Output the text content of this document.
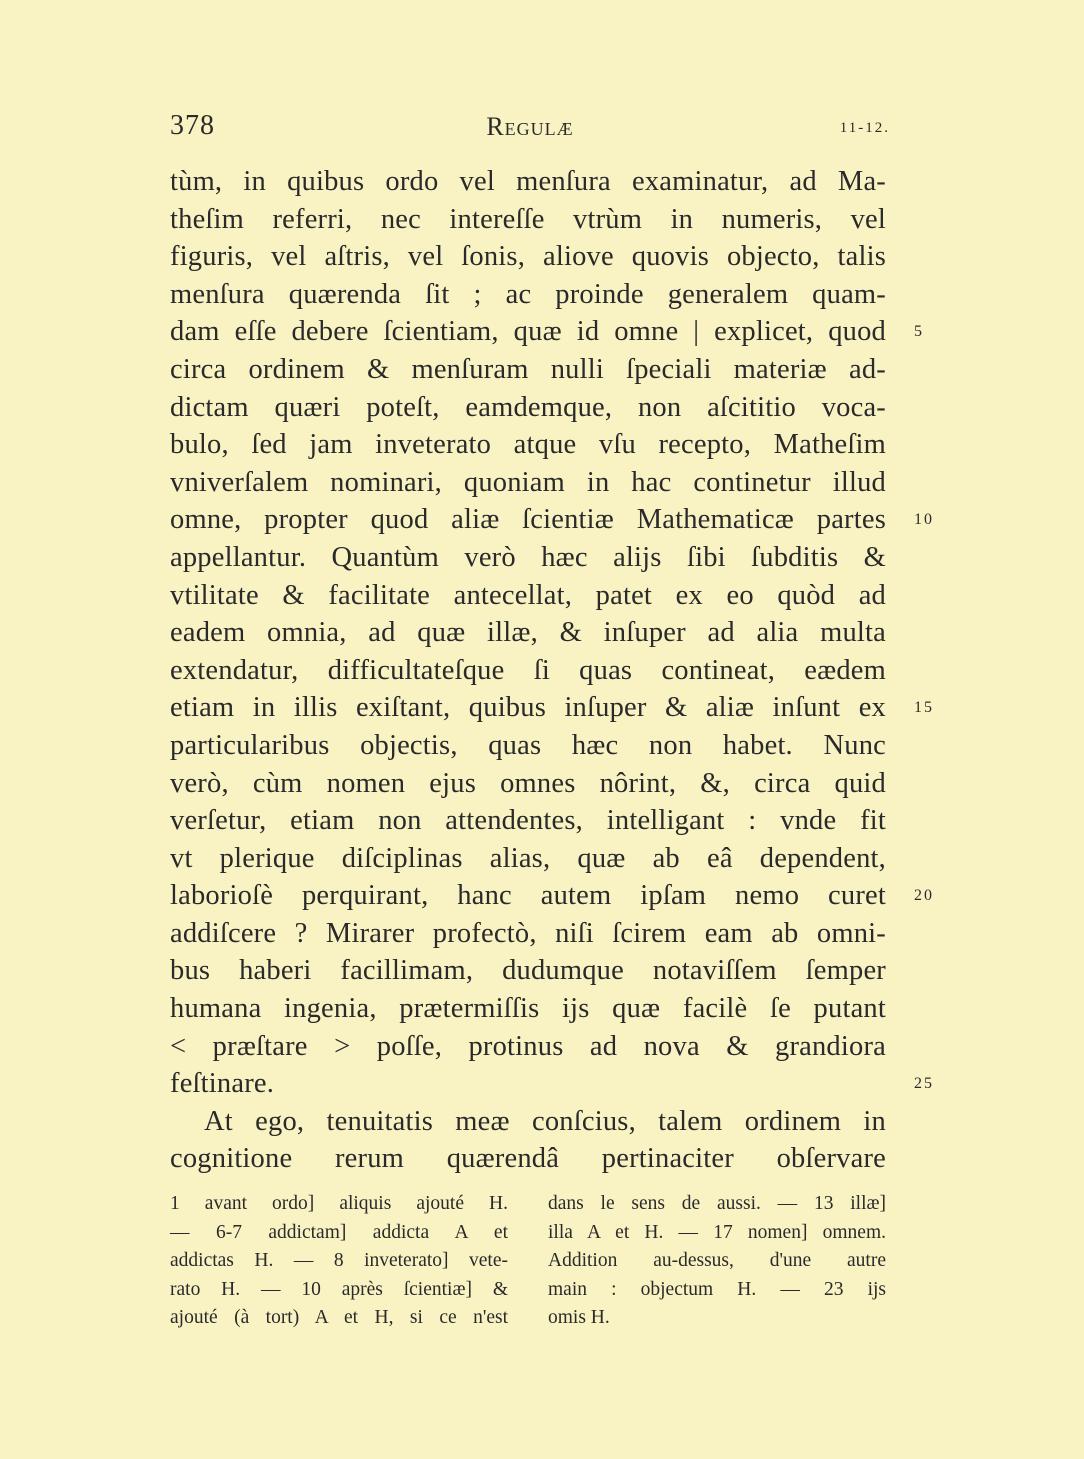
378	Regulæ	11-12.
tùm, in quibus ordo vel menſura examinatur, ad Ma-
theſim referri, nec intereſſe vtrùm in numeris, vel
figuris, vel aſtris, vel ſonis, aliove quovis objecto, talis
menſura quærenda ſit ; ac proinde generalem quam-
dam eſſe debere ſcientiam, quæ id omne | explicet, quod
circa ordinem & menſuram nulli ſpeciali materiæ ad-
dictam quæri poteſt, eamdemque, non aſcititio voca-
bulo, ſed jam inveterato atque vſu recepto, Matheſim
vniverſalem nominari, quoniam in hac continetur illud
omne, propter quod aliæ ſcientiæ Mathematicæ partes
appellantur. Quantùm verò hæc alijs ſibi ſubditis &
vtilitate & facilitate antecellat, patet ex eo quòd ad
eadem omnia, ad quæ illæ, & inſuper ad alia multa
extendatur, difficultateſque ſi quas contineat, eædem
etiam in illis exiſtant, quibus inſuper & aliæ inſunt ex
particularibus objectis, quas hæc non habet. Nunc
verò, cùm nomen ejus omnes nôrint, &, circa quid
verſetur, etiam non attendentes, intelligant : vnde fit
vt plerique diſciplinas alias, quæ ab eâ dependent,
laborioſè perquirant, hanc autem ipſam nemo curet
addiſcere ? Mirarer profectò, niſi ſcirem eam ab omni-
bus haberi facillimam, dudumque notaviſſem ſemper
humana ingenia, prætermiſſis ijs quæ facilè ſe putant
< præſtare > poſſe, protinus ad nova & grandiora
feſtinare.
At ego, tenuitatis meæ conſcius, talem ordinem in
cognitione rerum quærendâ pertinaciter obſervare
5
10
15
20
25
1 avant ordo] aliquis ajouté H.
— 6-7 addictam] addicta A et
addictas H. — 8 inveterato] vete-
rato H. — 10 après ſcientiæ] &
ajouté (à tort) A et H, si ce n'est
dans le sens de aussi. — 13 illæ]
illa A et H. — 17 nomen] omnem.
Addition au-dessus, d'une autre
main : objectum H. — 23 ijs
omis H.
